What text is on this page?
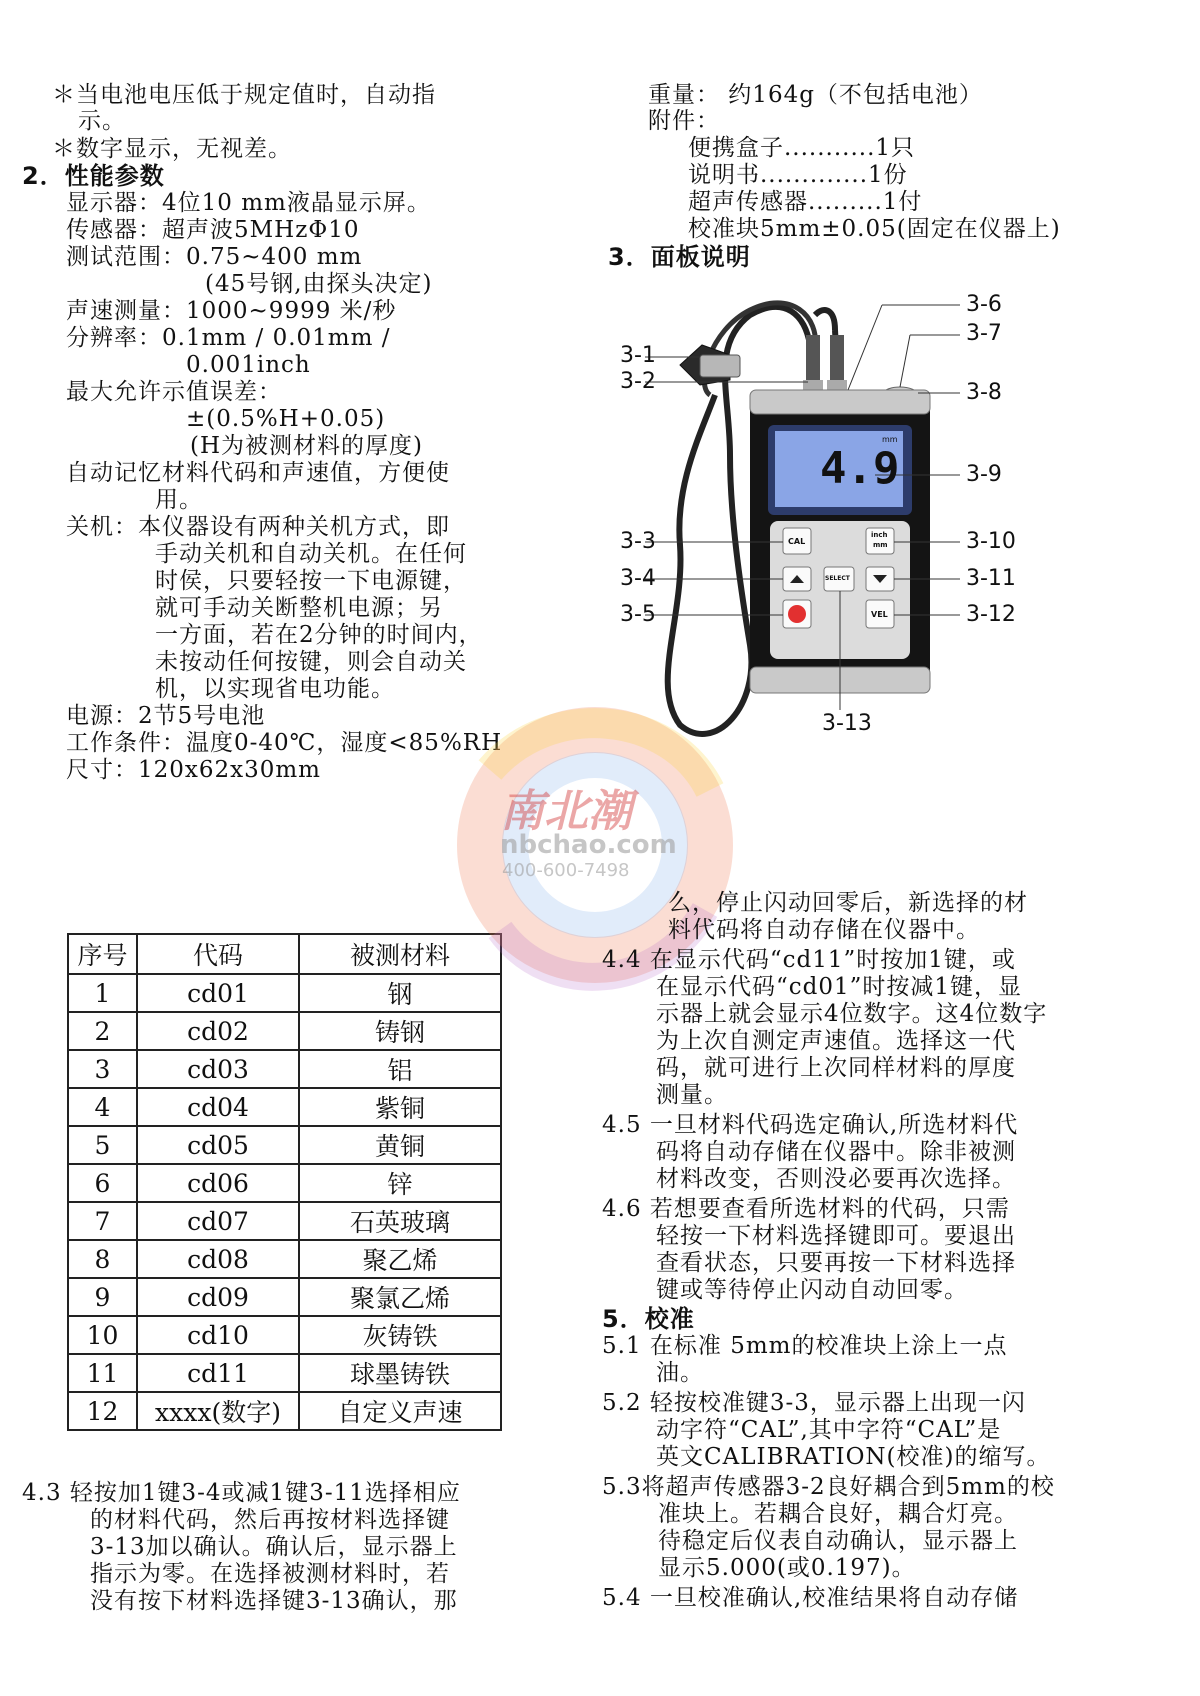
＊当电池电压低于规定值时，自动指
示。
＊数字显示，无视差。
2．性能参数
显示器：4位10 mm液晶显示屏。
传感器：超声波5MHzΦ10
测试范围：0.75~400 mm
(45号钢,由探头决定)
声速测量：1000~9999 米/秒
分辨率：0.1mm / 0.01mm /
0.001inch
最大允许示值误差：
±(0.5%H+0.05)
(H为被测材料的厚度)
自动记忆材料代码和声速值，方便使
用。
关机：本仪器设有两种关机方式，即
手动关机和自动关机。在任何
时侯，只要轻按一下电源键，
就可手动关断整机电源；另
一方面，若在2分钟的时间内，
未按动任何按键，则会自动关
机，以实现省电功能。
电源：2节5号电池
工作条件：温度0-40℃，湿度<85%RH
尺寸：120x62x30mm
序号	代码	被测材料
1	cd01	钢
2	cd02	铸钢
3	cd03	铝
4	cd04	紫铜
5	cd05	黄铜
6	cd06	锌
7	cd07	石英玻璃
8	cd08	聚乙烯
9	cd09	聚氯乙烯
10	cd10	灰铸铁
11	cd11	球墨铸铁
12	xxxx(数字)	自定义声速
4.3 轻按加1键3-4或减1键3-11选择相应
的材料代码，然后再按材料选择键
3-13加以确认。确认后，显示器上
指示为零。在选择被测材料时，若
没有按下材料选择键3-13确认，那
重量： 约164g（不包括电池）
附件：
便携盒子...........1只
说明书.............1份
超声传感器.........1付
校准块5mm±0.05(固定在仪器上)
3．面板说明
3-1
3-2
3-3
3-4
3-5
3-6
3-7
3-8
3-9
3-10
3-11
3-12
3-13
4.9
mm
CAL
inch
mm
SELECT
VEL
南北潮
nbchao.com
400-600-7498
么，停止闪动回零后，新选择的材
料代码将自动存储在仪器中。
4.4 在显示代码“cd11”时按加1键，或
在显示代码“cd01”时按减1键，显
示器上就会显示4位数字。这4位数字
为上次自测定声速值。选择这一代
码，就可进行上次同样材料的厚度
测量。
4.5 一旦材料代码选定确认,所选材料代
码将自动存储在仪器中。除非被测
材料改变，否则没必要再次选择。
4.6 若想要查看所选材料的代码，只需
轻按一下材料选择键即可。要退出
查看状态，只要再按一下材料选择
键或等待停止闪动自动回零。
5．校准
5.1 在标准 5mm的校准块上涂上一点
油。
5.2 轻按校准键3-3，显示器上出现一闪
动字符“CAL”,其中字符“CAL”是
英文CALIBRATION(校准)的缩写。
5.3将超声传感器3-2良好耦合到5mm的校
准块上。若耦合良好，耦合灯亮。
待稳定后仪表自动确认，显示器上
显示5.000(或0.197)。
5.4 一旦校准确认,校准结果将自动存储
